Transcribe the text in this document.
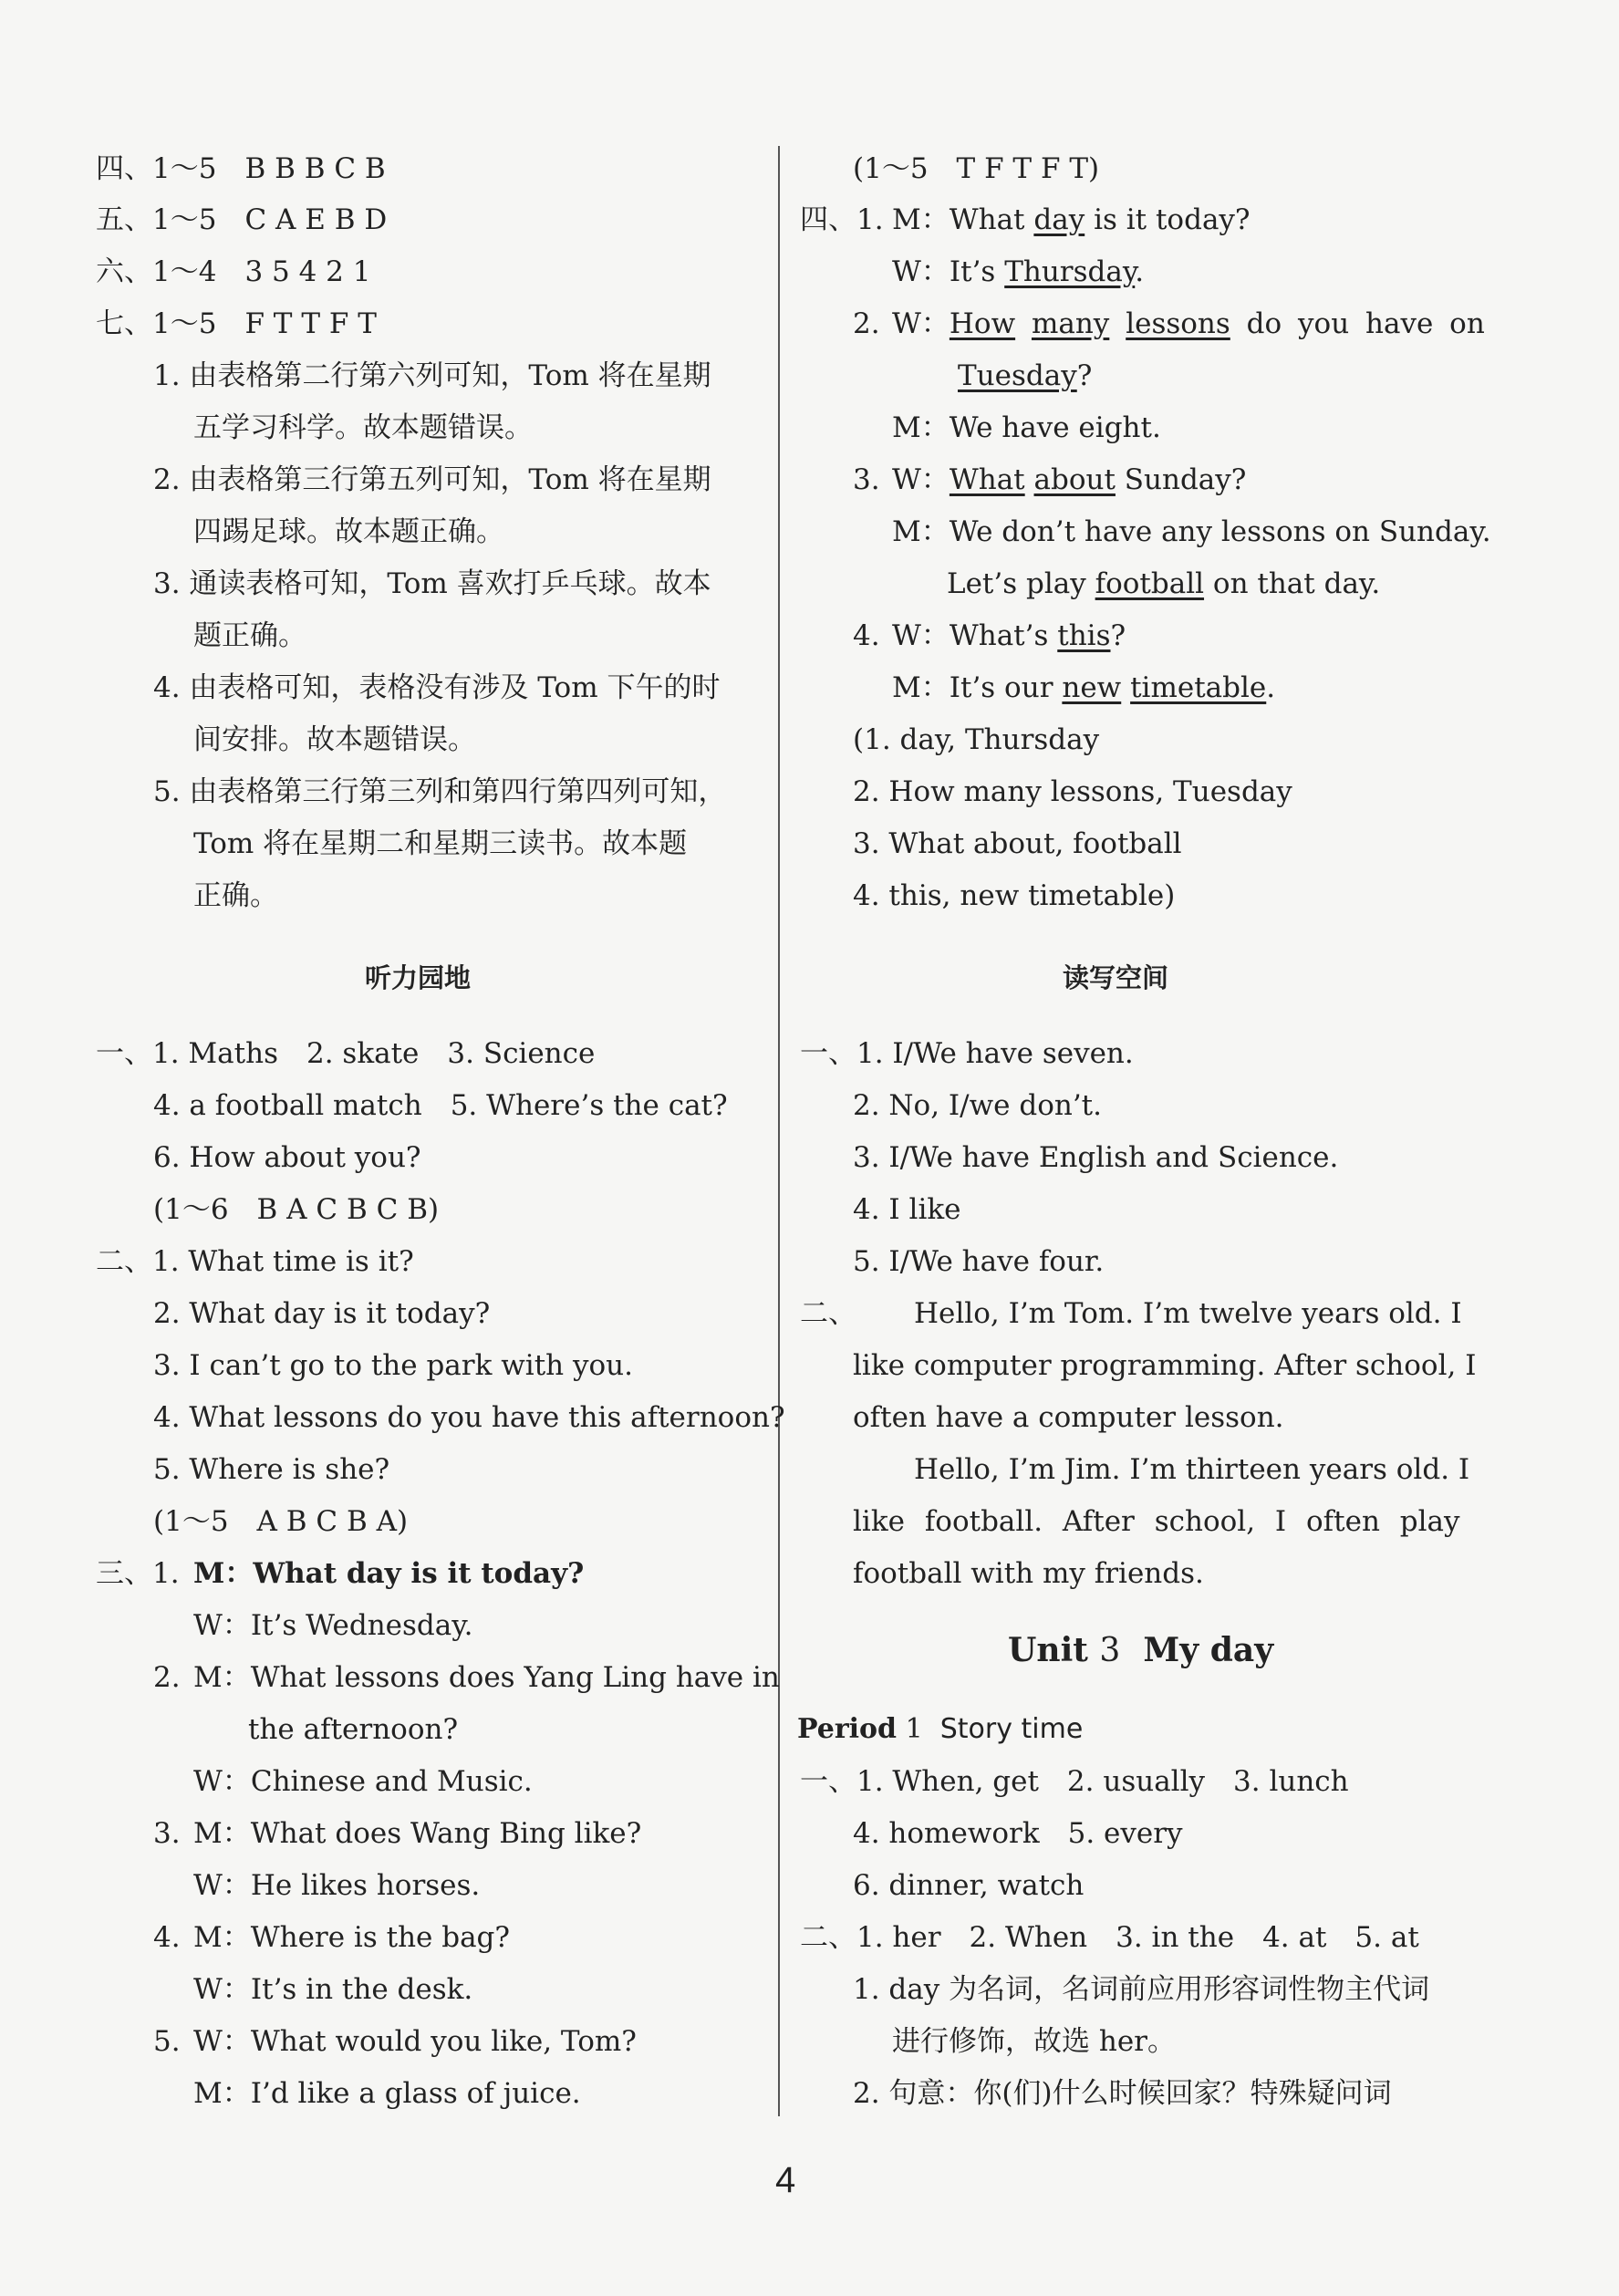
四、1～5　B B B C B
五、1～5　C A E B D
六、1～4　3 5 4 2 1
七、1～5　F T T F T
1. 由表格第二行第六列可知，Tom 将在星期
五学习科学。故本题错误。
2. 由表格第三行第五列可知，Tom 将在星期
四踢足球。故本题正确。
3. 通读表格可知，Tom 喜欢打乒乓球。故本
题正确。
4. 由表格可知，表格没有涉及 Tom 下午的时
间安排。故本题错误。
5. 由表格第三行第三列和第四行第四列可知，
Tom 将在星期二和星期三读书。故本题
正确。
听力园地
一、1. Maths　2. skate　3. Science
4. a football match　5. Where’s the cat?
6. How about you?
(1～6　B A C B C B)
二、1. What time is it?
2. What day is it today?
3. I can’t go to the park with you.
4. What lessons do you have this afternoon?
5. Where is she?
(1～5　A B C B A)
三、1. M：What day is it today?
W：It’s Wednesday.
2. M：What lessons does Yang Ling have in
the afternoon?
W：Chinese and Music.
3. M：What does Wang Bing like?
W：He likes horses.
4. M：Where is the bag?
W：It’s in the desk.
5. W：What would you like, Tom?
M：I’d like a glass of juice.
(1～5　T F T F T)
四、1. M：What day is it today?
W：It’s Thursday.
2. W：How many lessons do you have on
Tuesday?
M：We have eight.
3. W：What about Sunday?
M：We don’t have any lessons on Sunday.
Let’s play football on that day.
4. W：What’s this?
M：It’s our new timetable.
(1. day, Thursday
2. How many lessons, Tuesday
3. What about, football
4. this, new timetable)
读写空间
一、1. I/We have seven.
2. No, I/we don’t.
3. I/We have English and Science.
4. I like
5. I/We have four.
二、 Hello, I’m Tom. I’m twelve years old. I
like computer programming. After school, I
often have a computer lesson.
Hello, I’m Jim. I’m thirteen years old. I
like football. After school, I often play
football with my friends.
Unit 3 My day
Period 1 Story time
一、1. When, get　2. usually　3. lunch
4. homework　5. every
6. dinner, watch
二、1. her　2. When　3. in the　4. at　5. at
1. day 为名词，名词前应用形容词性物主代词
进行修饰，故选 her。
2. 句意：你(们)什么时候回家？特殊疑问词
4
